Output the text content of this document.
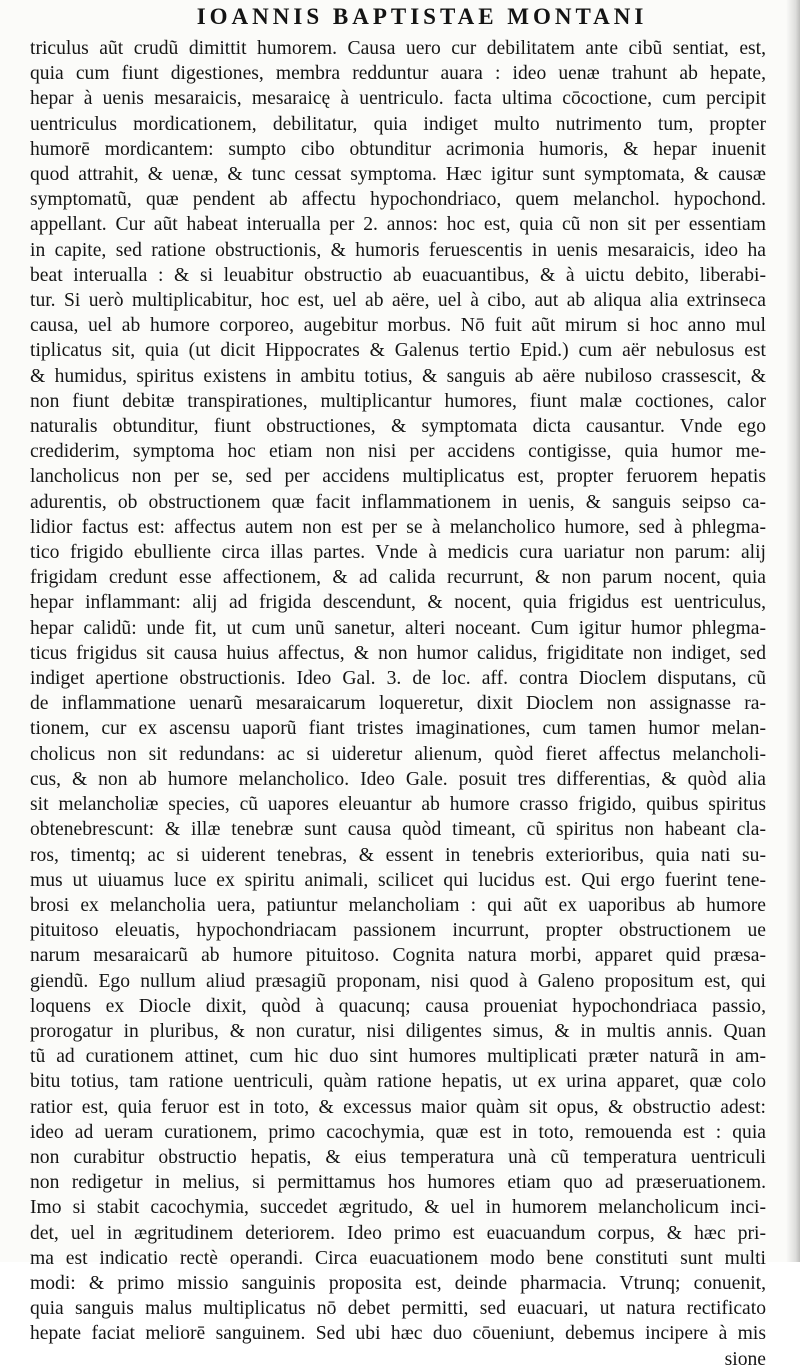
IOANNIS BAPTISTAE MONTANI
triculus aũt crudũ dimittit humorem. Causa uero cur debilitatem ante cibũ sentiat, est,
quia cum fiunt digestiones, membra redduntur auara : ideo uenæ trahunt ab hepate,
hepar à uenis mesaraicis, mesaraicę à uentriculo. facta ultima cōcoctione, cum percipit
uentriculus mordicationem, debilitatur, quia indiget multo nutrimento tum, propter
humorē mordicantem: sumpto cibo obtunditur acrimonia humoris, & hepar inuenit
quod attrahit, & uenæ, & tunc cessat symptoma. Hæc igitur sunt symptomata, & causæ
symptomatũ, quæ pendent ab affectu hypochondriaco, quem melanchol. hypochond.
appellant. Cur aũt habeat interualla per 2. annos: hoc est, quia cũ non sit per essentiam
in capite, sed ratione obstructionis, & humoris feruescentis in uenis mesaraicis, ideo ha
beat interualla : & si leuabitur obstructio ab euacuantibus, & à uictu debito, liberabi-
tur. Si uerò multiplicabitur, hoc est, uel ab aëre, uel à cibo, aut ab aliqua alia extrinseca
causa, uel ab humore corporeo, augebitur morbus. Nō fuit aũt mirum si hoc anno mul
tiplicatus sit, quia (ut dicit Hippocrates & Galenus tertio Epid.) cum aër nebulosus est
& humidus, spiritus existens in ambitu totius, & sanguis ab aëre nubiloso crassescit, &
non fiunt debitæ transpirationes, multiplicantur humores, fiunt malæ coctiones, calor
naturalis obtunditur, fiunt obstructiones, & symptomata dicta causantur. Vnde ego
crediderim, symptoma hoc etiam non nisi per accidens contigisse, quia humor me-
lancholicus non per se, sed per accidens multiplicatus est, propter feruorem hepatis
adurentis, ob obstructionem quæ facit inflammationem in uenis, & sanguis seipso ca-
lidior factus est: affectus autem non est per se à melancholico humore, sed à phlegma-
tico frigido ebulliente circa illas partes. Vnde à medicis cura uariatur non parum: alij
frigidam credunt esse affectionem, & ad calida recurrunt, & non parum nocent, quia
hepar inflammant: alij ad frigida descendunt, & nocent, quia frigidus est uentriculus,
hepar calidũ: unde fit, ut cum unũ sanetur, alteri noceant. Cum igitur humor phlegma-
ticus frigidus sit causa huius affectus, & non humor calidus, frigiditate non indiget, sed
indiget apertione obstructionis. Ideo Gal. 3. de loc. aff. contra Dioclem disputans, cũ
de inflammatione uenarũ mesaraicarum loqueretur, dixit Dioclem non assignasse ra-
tionem, cur ex ascensu uaporũ fiant tristes imaginationes, cum tamen humor melan-
cholicus non sit redundans: ac si uideretur alienum, quòd fieret affectus melancholi-
cus, & non ab humore melancholico. Ideo Gale. posuit tres differentias, & quòd alia
sit melancholiæ species, cũ uapores eleuantur ab humore crasso frigido, quibus spiritus
obtenebrescunt: & illæ tenebræ sunt causa quòd timeant, cũ spiritus non habeant cla-
ros, timentq; ac si uiderent tenebras, & essent in tenebris exterioribus, quia nati su-
mus ut uiuamus luce ex spiritu animali, scilicet qui lucidus est. Qui ergo fuerint tene-
brosi ex melancholia uera, patiuntur melancholiam : qui aũt ex uaporibus ab humore
pituitoso eleuatis, hypochondriacam passionem incurrunt, propter obstructionem ue
narum mesaraicarũ ab humore pituitoso. Cognita natura morbi, apparet quid præsa-
giendũ. Ego nullum aliud præsagiũ proponam, nisi quod à Galeno propositum est, qui
loquens ex Diocle dixit, quòd à quacunq; causa proueniat hypochondriaca passio,
prorogatur in pluribus, & non curatur, nisi diligentes simus, & in multis annis. Quan
tũ ad curationem attinet, cum hic duo sint humores multiplicati præter naturã in am-
bitu totius, tam ratione uentriculi, quàm ratione hepatis, ut ex urina apparet, quæ colo
ratior est, quia feruor est in toto, & excessus maior quàm sit opus, & obstructio adest:
ideo ad ueram curationem, primo cacochymia, quæ est in toto, remouenda est : quia
non curabitur obstructio hepatis, & eius temperatura unà cũ temperatura uentriculi
non redigetur in melius, si permittamus hos humores etiam quo ad præseruationem.
Imo si stabit cacochymia, succedet ægritudo, & uel in humorem melancholicum inci-
det, uel in ægritudinem deteriorem. Ideo primo est euacuandum corpus, & hæc pri-
ma est indicatio rectè operandi. Circa euacuationem modo bene constituti sunt multi
modi: & primo missio sanguinis proposita est, deinde pharmacia. Vtrunq; conuenit,
quia sanguis malus multiplicatus nō debet permitti, sed euacuari, ut natura rectificato
hepate faciat meliorē sanguinem. Sed ubi hæc duo cōueniunt, debemus incipere à mis
sione
